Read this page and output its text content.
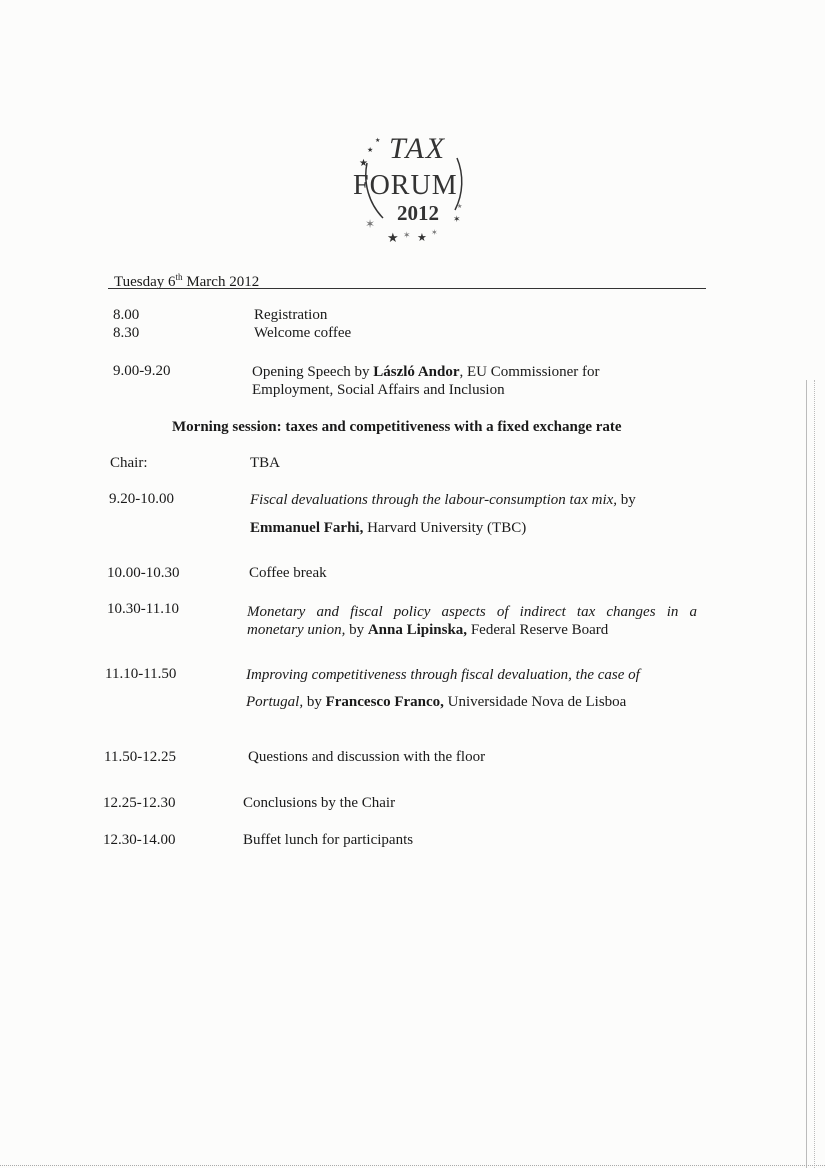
TAX
FORUM
2012
★
★
★
✶
★ ✶ ★ ✶
✶
★
Tuesday 6th March 2012
8.00	Registration
8.30	Welcome coffee
9.00-9.20	Opening Speech by László Andor, EU Commissioner for
Employment, Social Affairs and Inclusion
Morning session: taxes and competitiveness with a fixed exchange rate
Chair:	TBA
9.20-10.00	Fiscal devaluations through the labour-consumption tax mix, by
Emmanuel Farhi, Harvard University (TBC)
10.00-10.30	Coffee break
10.30-11.10	Monetary and fiscal policy aspects of indirect tax changes in a
monetary union, by Anna Lipinska, Federal Reserve Board
11.10-11.50	Improving competitiveness through fiscal devaluation, the case of
Portugal, by Francesco Franco, Universidade Nova de Lisboa
11.50-12.25	Questions and discussion with the floor
12.25-12.30	Conclusions by the Chair
12.30-14.00	Buffet lunch for participants
